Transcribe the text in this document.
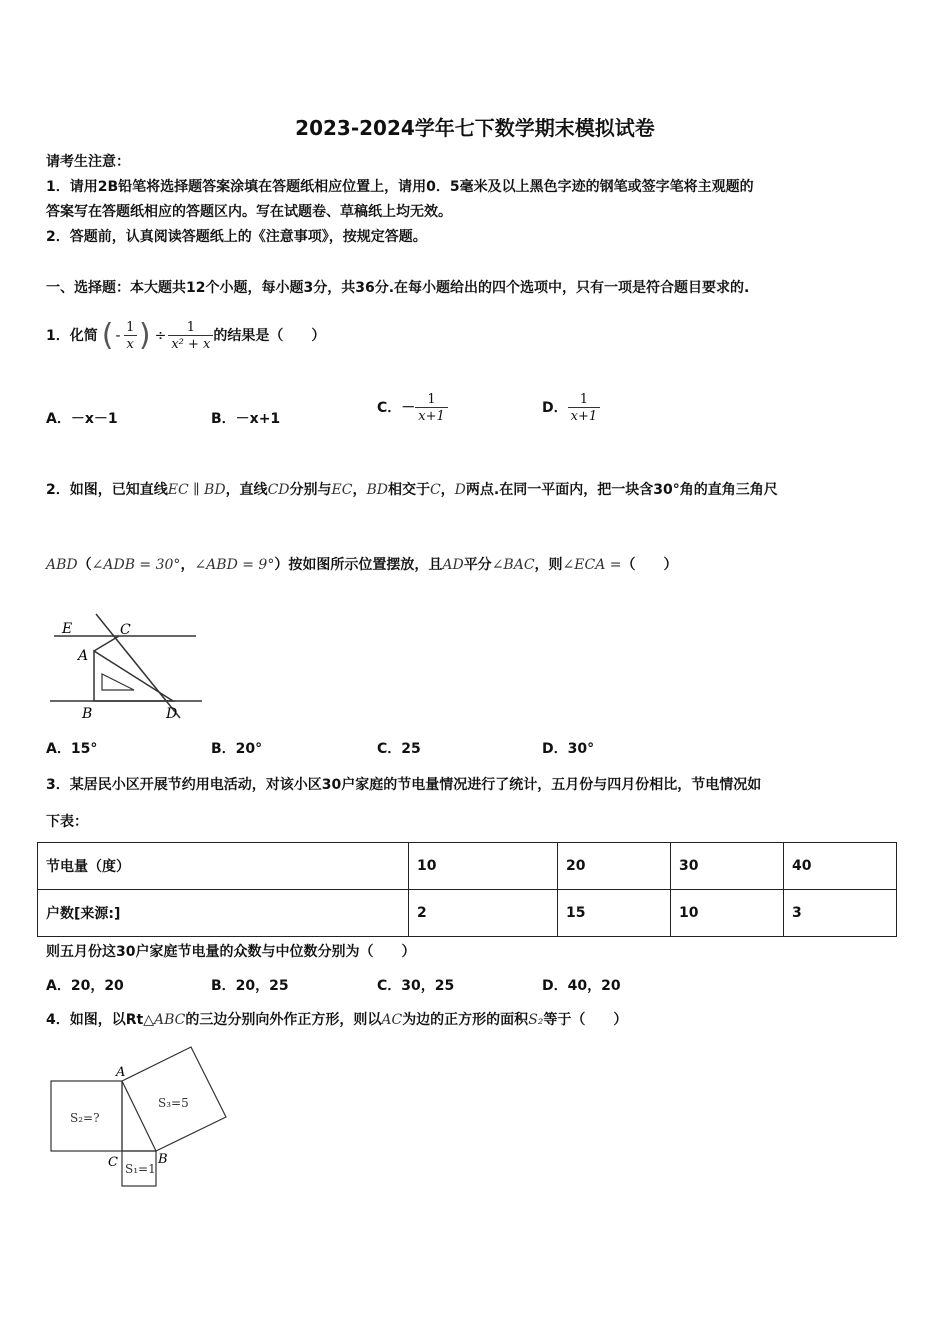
2023-2024学年七下数学期末模拟试卷
请考生注意：
1．请用2B铅笔将选择题答案涂填在答题纸相应位置上，请用0．5毫米及以上黑色字迹的钢笔或签字笔将主观题的
答案写在答题纸相应的答题区内。写在试题卷、草稿纸上均无效。
2．答题前，认真阅读答题纸上的《注意事项》，按规定答题。
一、选择题：本大题共12个小题，每小题3分，共36分.在每小题给出的四个选项中，只有一项是符合题目要求的.
1．化简 ( - $\frac{1}{x}$ ) ÷ $\frac{1}{\text{x² + x}}$ 的结果是（　　）
A．－x－1	B．－x+1
C．－ $\frac{1}{x+1}$	D． $\frac{1}{x+1}$
2．如图，已知直线EC ∥ BD，直线CD分别与EC，BD相交于C，D两点.在同一平面内，把一块含30°角的直角三角尺
ABD（∠ADB = 30°，∠ABD = 9°）按如图所示位置摆放，且AD平分∠BAC，则∠ECA =（　　）
E	C
A
B	D
A．15°	B．20°	C．25	D．30°
3．某居民小区开展节约用电活动，对该小区30户家庭的节电量情况进行了统计，五月份与四月份相比，节电情况如
下表：
节电量（度）	10	20	30	40
户数[来源:]	2	15	10	3
则五月份这30户家庭节电量的众数与中位数分别为（　　）
A．20，20	B．20，25	C．30，25	D．40，20
4．如图，以Rt△ABC的三边分别向外作正方形，则以AC为边的正方形的面积S₂等于（　　）
A
C	B
S₂=?
S₃=5
S₁=1
